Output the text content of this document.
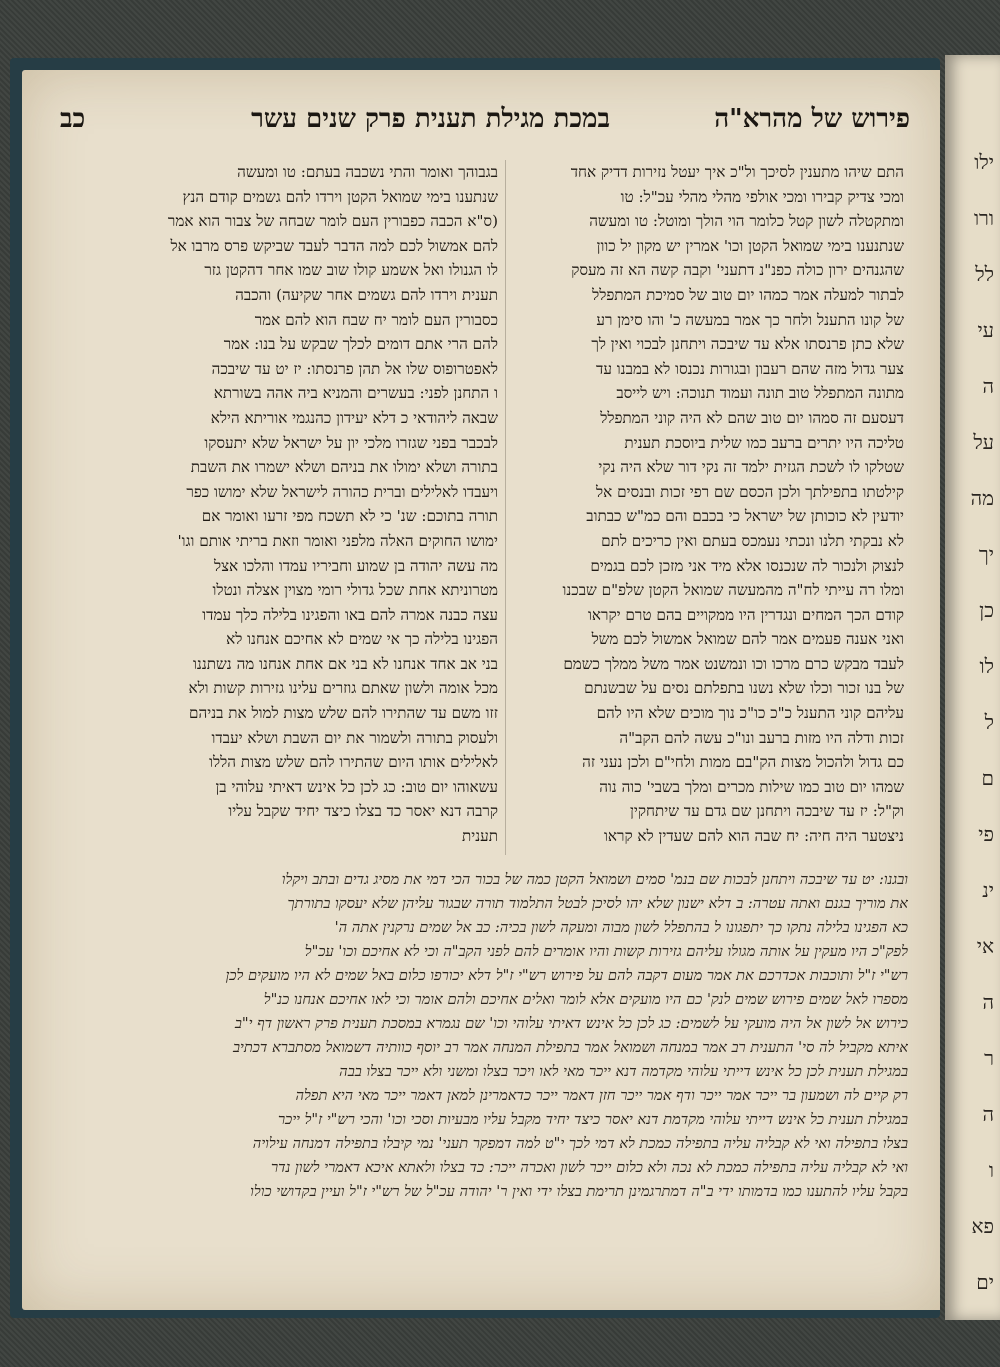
ילו
ורו
לל
עי
ה
על
מה
יך
כן
לו
ל
ם
פי
ינ
אי
ה
ר
ה
ו
פא
ים
פירוש של מהרא"ה
במכת מגילת תענית פרק שנים עשר
כב
התם שיהו מתענין לסיכך ול"כ איך יעטל נזירות דדיק אחד
ומכי צדיק קבירו ומכי אולפי מהלי מהלי עכ"ל: טו
ומתקטלה לשון קטל כלומר הוי הולך ומוטל: טו ומעשה
שנתנענו בימי שמואל הקטן וכו' אמרין יש מקון יל כוון
שהגנהים ירון כולה כפנ"נ דתעני' וקבה קשה הא זה מעסק
לבתור למעלה אמר כמהו יום טוב של סמיכת המתפלל
של קונו התענל ולחר כך אמר במעשה כ' והו סימן רע
שלא כתן פרנסתו אלא עד שיבכה ויתחנן לבכוי ואין לך
צער גדול מזה שהם רעבון ובגורות נכנסו לא במבנו עד
מתונה המתפלל טוב תונה ועמוד תנוכה: ויש לייסב
דעסעם זה סמהו יום טוב שהם לא היה קוני המתפלל
טליכה היו יתרים ברעב כמו שלית ביוסכת תענית
שטלקו לו לשכת הגזית ילמד זה נקי דור שלא היה נקי
קילטתו בתפילתך ולכן הכסם שם רפי זכות ובנסים אל
יודעין לא כוכותן של ישראל כי בכבם והם כמ"ש כבתוב
לא נבקתי תלנו ונכתי נעמכס בעתם ואין כריכים לתם
לנצוק ולנכור לה שנכנסו אלא מיד אני מזכן לכם בגמים
ומלו רה עייתי לח"ה מהמעשה שמואל הקטן שלפ"ם שבכנו
קודם הכך המחים ונגדרין היו ממקויים בהם טרם יקראו
ואני אענה פעמים אמר להם שמואל אמשול לכם משל
לעבד מבקש כרם מרכו וכו ונמשנט אמר משל ממלך כשמם
של בנו זכור וכלו שלא נשנו בתפלתם נסים על שבשנתם
עליהם קוני התענל כ"כ כו"כ נוך מוכים שלא היו להם
זכות ודלה היו מזות ברעב ונו"כ עשה להם הקב"ה
כם גדול ולהכול מצות הק"בם ממות ולחי"ם ולכן נעני זה
שמהו יום טוב כמו שילות מכרים ומלך בשבי' כוה נוה
וק"ל: יז עד שיבכה ויתחנן שם גדם עד שיתחקין
ניצטער היה חיה: יח שבה הוא להם שעדין לא קראו
בגבוהך ואומר והתי נשכבה בעתם: טו ומעשה
שנתענו בימי שמואל הקטן וירדו להם גשמים קודם הנץ
(ס"א הכבה כפבורין העם לומר שבחה של צבור הוא אמר
להם אמשול לכם למה הדבר לעבד שביקש פרס מרבו אל
לו הגנולו ואל אשמע קולו שוב שמו אחר דהקטן גזר
תענית וירדו להם גשמים אחר שקיעה) והכבה
כסבורין העם לומר יח שבח הוא להם אמר
להם הרי אתם דומים לכלך שבקש על בנו: אמר
לאפטרופוס שלו אל תהן פרנסתו: יז יט עד שיבכה
ו התחנן לפני: בעשרים והמניא ביה אהה בשורתא
שבאה ליהודאי כ דלא יעידון כהנגמי אוריתא הילא
לבכבר בפני שגזרו מלכי יון על ישראל שלא יתעסקו
בתורה ושלא ימולו את בניהם ושלא ישמרו את השבת
ויעבדו לאלילים וברית כהורה לישראל שלא ימושו כפר
תורה בתוכם: שנ' כי לא תשכח מפי זרעו ואומר אם
ימושו החוקים האלה מלפני ואומר וזאת בריתי אותם וגו'
מה עשה יהודה בן שמוע וחביריו עמדו והלכו אצל
מטרוניתא אחת שכל גדולי רומי מצוין אצלה ונטלו
עצה כבנה אמרה להם באו והפגינו בלילה כלך עמדו
הפגינו בלילה כך אי שמים לא אחיכם אנחנו לא
בני אב אחד אנחנו לא בני אם אחת אנחנו מה נשתננו
מכל אומה ולשון שאתם גוזרים עלינו גזירות קשות ולא
זזו משם עד שהתירו להם שלש מצות למול את בניהם
ולעסוק בתורה ולשמור את יום השבת ושלא יעבדו
לאלילים אותו היום שהתירו להם שלש מצות הללו
עשאוהו יום טוב: כג לכן כל אינש דאיתי עלוהי בן
קרבה דנא יאסר כד בצלו כיצד יחיד שקבל עליו
תענית
ובגנו: יט עד שיבכה ויתחנן לבכות שם בנמ' סמים ושמואל הקטן כמה של בכור הכי דמי את מסיג גדים ובתב ויקלו
את מוריך בגנם ואתה עטרה: ב דלא ישנון שלא יהו לסיכן לבטל התלמוד תורה שבגור עליהן שלא יעסקו בתורתך
כא הפגינו בלילה נתקו כך יתפגונו ל בהתפלל לשון מבוה ומעקה לשון בכיה: כב אל שמים נרקנין אתה ה'
לפק"כ היו מעקין על אותה מגולו עליהם גזירות קשות והיו אומרים להם לפני הקב"ה וכי לא אחיכם וכו' עכ"ל
רש"י ז"ל ותוכבות אכדרכם את אמר מעום דקבה להם על פירוש רש"י ז"ל דלא יכורפו כלום באל שמים לא היו מועקים לכן
מספרו לאל שמים פירוש שמים לנק' כם היו מועקים אלא לומר ואלים אחיכם ולהם אומר וכי לאו אחיכם אנחנו כנ"ל
כירוש אל לשון אל היה מועקי על לשמים: כג לכן כל אינש דאיתי עלוהי וכו' שם נגמרא במסכת תענית פרק ראשון דף י"ב
איתא מקביל לה סי' התענית רב אמר במנחה ושמואל אמר בתפילת המנחה אמר רב יוסף כוותיה דשמואל מסתברא דכתיב
במגילת תענית לכן כל אינש דייתי עלוהי מקדמה דנא ייכר מאי לאו ויכר בצלו ומשני ולא ייכר בצלו בבה
רק קיים לה ושמעון בר ייכר אמר ייכר ודף אמר ייכר חזן דאמר ייכר כדאמרינן למאן דאמר ייכר מאי היא תפלה
במגילת תענית כל אינש דייתי עלוהי מקדמת דנא יאסר כיצד יחיד מקבל עליו מבעיות וסכי וכו' והכי רש"י ז"ל ייכר
בצלו בתפילה ואי לא קבליה עליה בתפילה כמכת לא דמי לכך י"ט למה דמפקר תעני' נמי קיבלו בתפילה דמנחה עילויה
ואי לא קבליה עליה בתפילה כמכת לא נכה ולא כלום ייכר לשון ואכרה ייכר: כד בצלו ולאתא איכא דאמרי לשון נדר
בקבל עליו להתענו כמו בדמותו ידי ב"ה דמתרגמינן תרימת בצלו ידי ואין ר' יהודה עכ"ל של רש"י ז"ל ועיין בקדושי כולו
